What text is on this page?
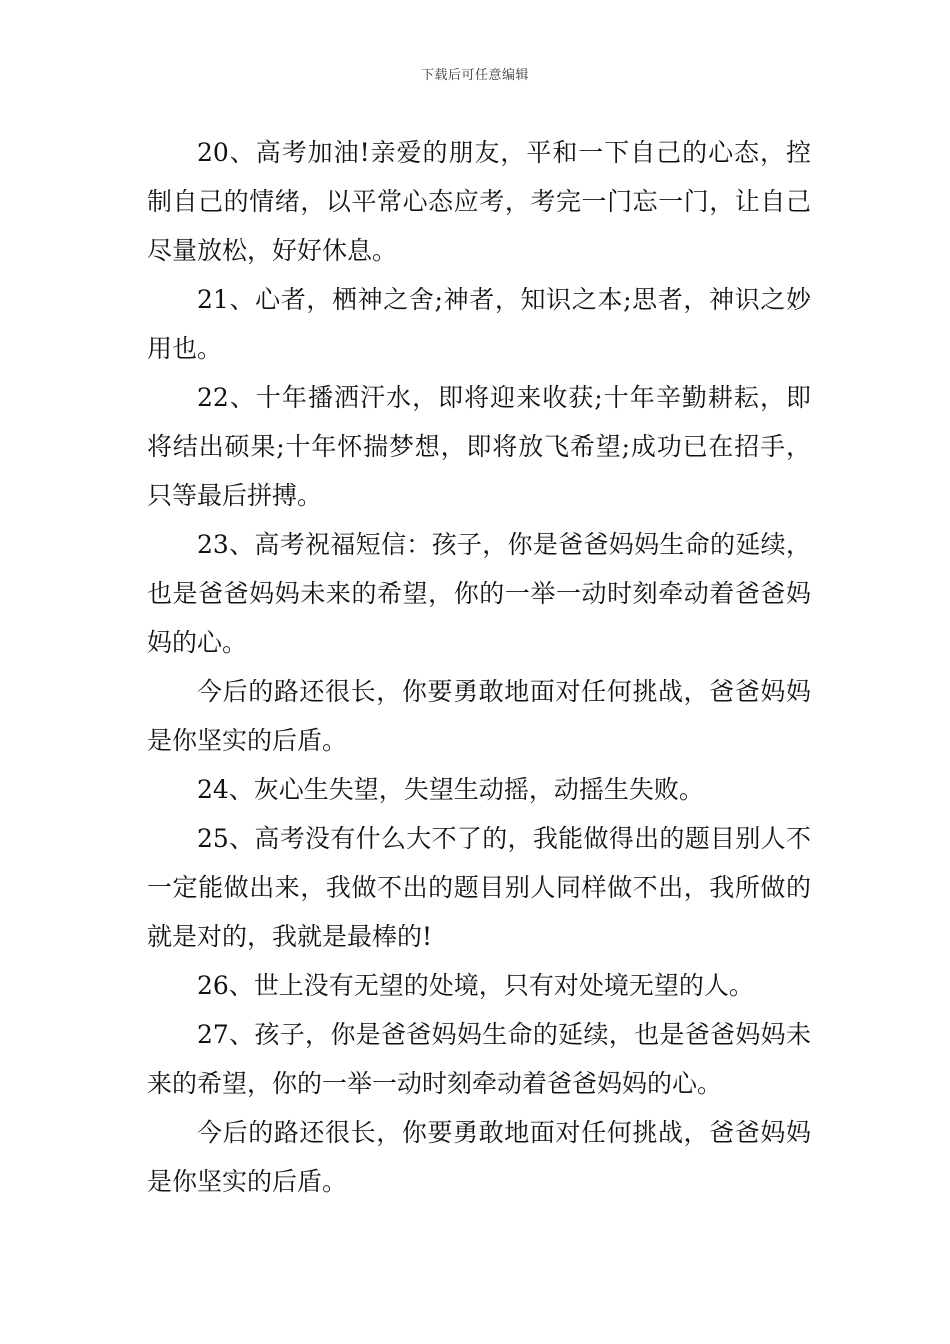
下载后可任意编辑

20、高考加油!亲爱的朋友，平和一下自己的心态，控制自己的情绪，以平常心态应考，考完一门忘一门，让自己尽量放松，好好休息。

21、心者，栖神之舍;神者，知识之本;思者，神识之妙用也。

22、十年播洒汗水，即将迎来收获;十年辛勤耕耘，即将结出硕果;十年怀揣梦想，即将放飞希望;成功已在招手，只等最后拼搏。

23、高考祝福短信：孩子，你是爸爸妈妈生命的延续，也是爸爸妈妈未来的希望，你的一举一动时刻牵动着爸爸妈妈的心。

今后的路还很长，你要勇敢地面对任何挑战，爸爸妈妈是你坚实的后盾。

24、灰心生失望，失望生动摇，动摇生失败。

25、高考没有什么大不了的，我能做得出的题目别人不一定能做出来，我做不出的题目别人同样做不出，我所做的就是对的，我就是最棒的!

26、世上没有无望的处境，只有对处境无望的人。

27、孩子，你是爸爸妈妈生命的延续，也是爸爸妈妈未来的希望，你的一举一动时刻牵动着爸爸妈妈的心。

今后的路还很长，你要勇敢地面对任何挑战，爸爸妈妈是你坚实的后盾。
